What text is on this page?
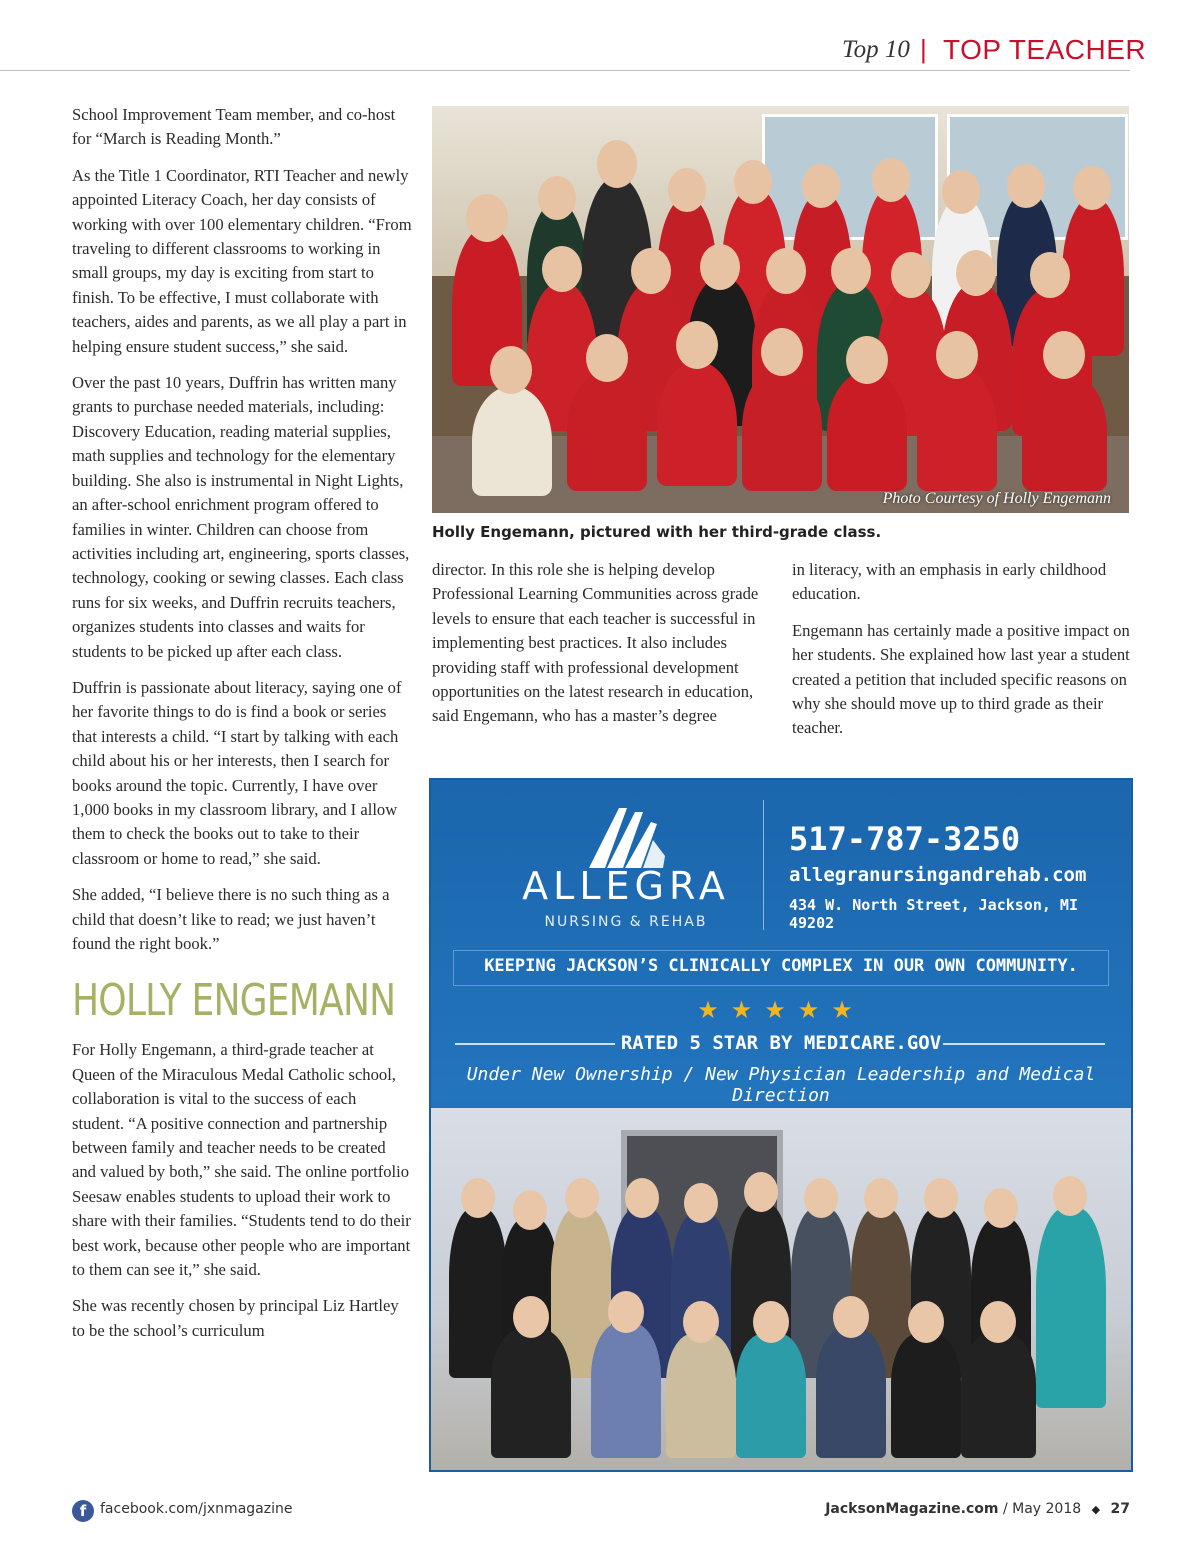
Top 10 | TOP TEACHER

School Improvement Team member, and co-host for “March is Reading Month.”

As the Title 1 Coordinator, RTI Teacher and newly appointed Literacy Coach, her day consists of working with over 100 elementary children. “From traveling to different classrooms to working in small groups, my day is exciting from start to finish. To be effective, I must collaborate with teachers, aides and parents, as we all play a part in helping ensure student success,” she said.

Over the past 10 years, Duffrin has written many grants to purchase needed materials, including: Discovery Education, reading material supplies, math supplies and technology for the elementary building. She also is instrumental in Night Lights, an after-school enrichment program offered to families in winter. Children can choose from activities including art, engineering, sports classes, technology, cooking or sewing classes. Each class runs for six weeks, and Duffrin recruits teachers, organizes students into classes and waits for students to be picked up after each class.

Duffrin is passionate about literacy, saying one of her favorite things to do is find a book or series that interests a child. “I start by talking with each child about his or her interests, then I search for books around the topic. Currently, I have over 1,000 books in my classroom library, and I allow them to check the books out to take to their classroom or home to read,” she said.

She added, “I believe there is no such thing as a child that doesn’t like to read; we just haven’t found the right book.”

HOLLY ENGEMANN

For Holly Engemann, a third-grade teacher at Queen of the Miraculous Medal Catholic school, collaboration is vital to the success of each student. “A positive connection and partnership between family and teacher needs to be created and valued by both,” she said. The online portfolio Seesaw enables students to upload their work to share with their families. “Students tend to do their best work, because other people who are important to them can see it,” she said.

She was recently chosen by principal Liz Hartley to be the school’s curriculum

Photo Courtesy of Holly Engemann
Holly Engemann, pictured with her third-grade class.

director. In this role she is helping develop Professional Learning Communities across grade levels to ensure that each teacher is successful in implementing best practices. It also includes providing staff with professional development opportunities on the latest research in education, said Engemann, who has a master’s degree

in literacy, with an emphasis in early childhood education.

Engemann has certainly made a positive impact on her students. She explained how last year a student created a petition that included specific reasons on why she should move up to third grade as their teacher.

ALLEGRA
NURSING & REHAB
517-787-3250
allegranursingandrehab.com
434 W. North Street, Jackson, MI 49202
KEEPING JACKSON’S CLINICALLY COMPLEX IN OUR OWN COMMUNITY.
★★★★★
RATED 5 STAR BY MEDICARE.GOV
Under New Ownership / New Physician Leadership and Medical Direction
f facebook.com/jxnmagazine	JacksonMagazine.com / May 2018 ◆ 27
